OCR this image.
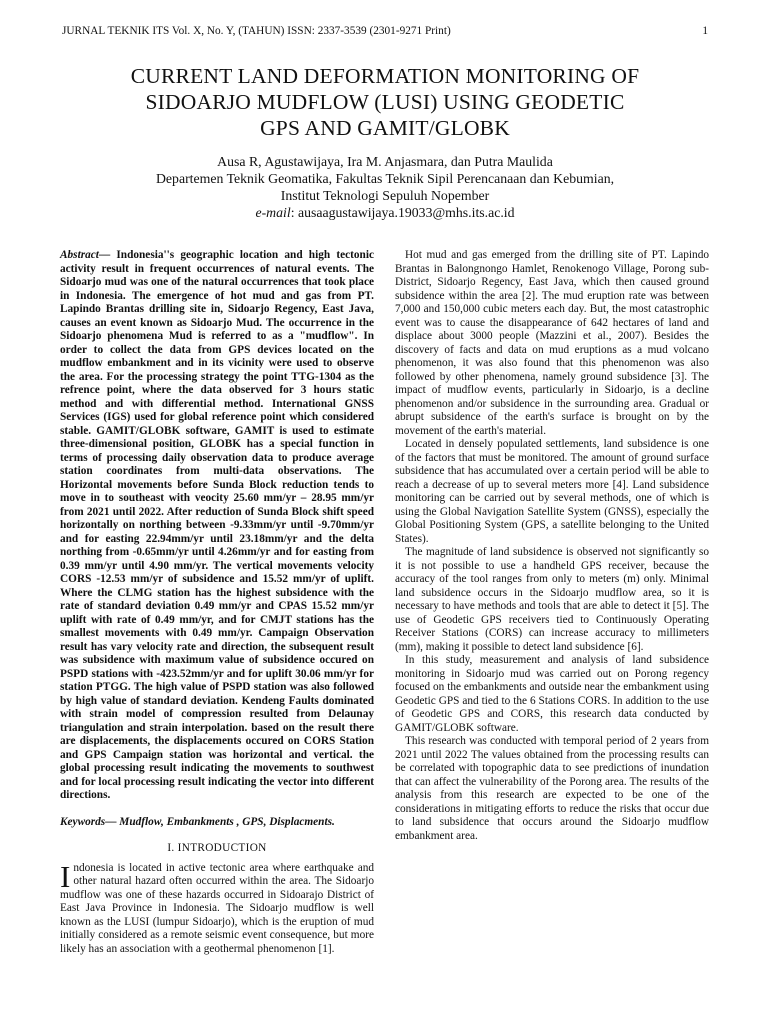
JURNAL TEKNIK ITS Vol. X, No. Y, (TAHUN) ISSN: 2337-3539 (2301-9271 Print)	1
CURRENT LAND DEFORMATION MONITORING OF
SIDOARJO MUDFLOW (LUSI) USING GEODETIC
GPS AND GAMIT/GLOBK
Ausa R, Agustawijaya, Ira M. Anjasmara, dan Putra Maulida
Departemen Teknik Geomatika, Fakultas Teknik Sipil Perencanaan dan Kebumian,
Institut Teknologi Sepuluh Nopember
e-mail: ausaagustawijaya.19033@mhs.its.ac.id
Abstract— Indonesia''s geographic location and high tectonic activity result in frequent occurrences of natural events. The Sidoarjo mud was one of the natural occurrences that took place in Indonesia. The emergence of hot mud and gas from PT. Lapindo Brantas drilling site in, Sidoarjo Regency, East Java, causes an event known as Sidoarjo Mud. The occurrence in the Sidoarjo phenomena Mud is referred to as a "mudflow". In order to collect the data from GPS devices located on the mudflow embankment and in its vicinity were used to observe the area. For the processing strategy the point TTG-1304 as the refrence point, where the data observed for 3 hours static method and with differential method. International GNSS Services (IGS) used for global reference point which considered stable. GAMIT/GLOBK software, GAMIT is used to estimate three-dimensional position, GLOBK has a special function in terms of processing daily observation data to produce average station coordinates from multi-data observations. The Horizontal movements before Sunda Block reduction tends to move in to southeast with veocity 25.60 mm/yr – 28.95 mm/yr from 2021 until 2022. After reduction of Sunda Block shift speed horizontally on northing between -9.33mm/yr until -9.70mm/yr and for easting 22.94mm/yr until 23.18mm/yr and the delta northing from -0.65mm/yr until 4.26mm/yr and for easting from 0.39 mm/yr until 4.90 mm/yr. The vertical movements velocity CORS -12.53 mm/yr of subsidence and 15.52 mm/yr of uplift. Where the CLMG station has the highest subsidence with the rate of standard deviation 0.49 mm/yr and CPAS 15.52 mm/yr uplift with rate of 0.49 mm/yr, and for CMJT stations has the smallest movements with 0.49 mm/yr. Campaign Observation result has vary velocity rate and direction, the subsequent result was subsidence with maximum value of subsidence occured on PSPD stations with -423.52mm/yr and for uplift 30.06 mm/yr for station PTGG. The high value of PSPD station was also followed by high value of standard deviation. Kendeng Faults dominated with strain model of compression resulted from Delaunay triangulation and strain interpolation. based on the result there are displacements, the displacements occured on CORS Station and GPS Campaign station was horizontal and vertical. the global processing result indicating the movements to southwest and for local processing result indicating the vector into different directions.
Keywords— Mudflow, Embankments , GPS, Displacments.
I. INTRODUCTION
Indonesia is located in active tectonic area where earthquake and other natural hazard often occurred within the area. The Sidoarjo mudflow was one of these hazards occurred in Sidoarajo District of East Java Province in Indonesia. The Sidoarjo mudflow is well known as the LUSI (lumpur Sidoarjo), which is the eruption of mud initially considered as a remote seismic event consequence, but more likely has an association with a geothermal phenomenon [1].

Hot mud and gas emerged from the drilling site of PT. Lapindo Brantas in Balongnongo Hamlet, Renokenogo Village, Porong sub-District, Sidoarjo Regency, East Java, which then caused ground subsidence within the area [2]. The mud eruption rate was between 7,000 and 150,000 cubic meters each day. But, the most catastrophic event was to cause the disappearance of 642 hectares of land and displace about 3000 people (Mazzini et al., 2007). Besides the discovery of facts and data on mud eruptions as a mud volcano phenomenon, it was also found that this phenomenon was also followed by other phenomena, namely ground subsidence [3]. The impact of mudflow events, particularly in Sidoarjo, is a decline phenomenon and/or subsidence in the surrounding area. Gradual or abrupt subsidence of the earth's surface is brought on by the movement of the earth's material.

Located in densely populated settlements, land subsidence is one of the factors that must be monitored. The amount of ground surface subsidence that has accumulated over a certain period will be able to reach a decrease of up to several meters more [4]. Land subsidence monitoring can be carried out by several methods, one of which is using the Global Navigation Satellite System (GNSS), especially the Global Positioning System (GPS, a satellite belonging to the United States).

The magnitude of land subsidence is observed not significantly so it is not possible to use a handheld GPS receiver, because the accuracy of the tool ranges from only to meters (m) only. Minimal land subsidence occurs in the Sidoarjo mudflow area, so it is necessary to have methods and tools that are able to detect it [5]. The use of Geodetic GPS receivers tied to Continuously Operating Receiver Stations (CORS) can increase accuracy to millimeters (mm), making it possible to detect land subsidence [6].

In this study, measurement and analysis of land subsidence monitoring in Sidoarjo mud was carried out on Porong regency focused on the embankments and outside near the embankment using Geodetic GPS and tied to the 6 Stations CORS. In addition to the use of Geodetic GPS and CORS, this research data conducted by GAMIT/GLOBK software.

This research was conducted with temporal period of 2 years from 2021 until 2022 The values obtained from the processing results can be correlated with topographic data to see predictions of inundation that can affect the vulnerability of the Porong area. The results of the analysis from this research are expected to be one of the considerations in mitigating efforts to reduce the risks that occur due to land subsidence that occurs around the Sidoarjo mudflow embankment area.
